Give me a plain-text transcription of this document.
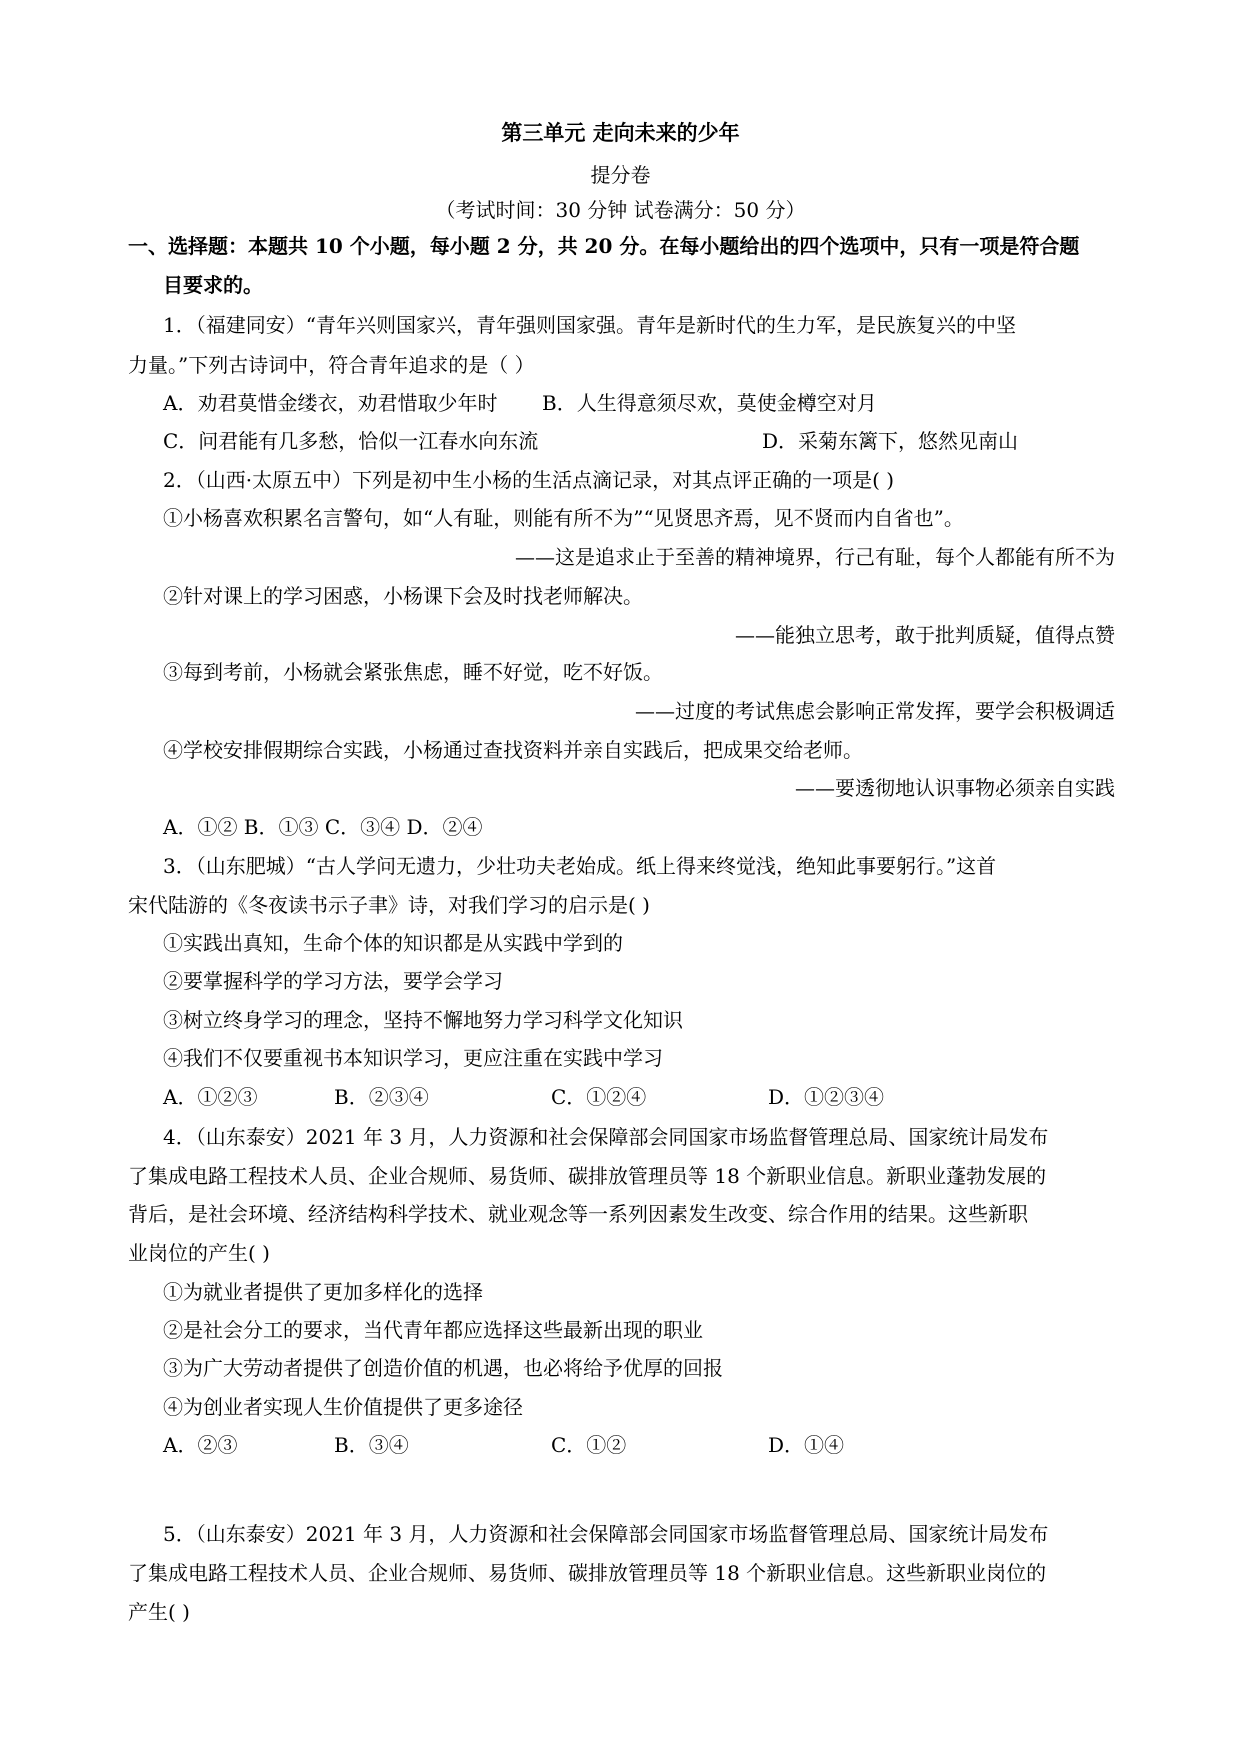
第三单元 走向未来的少年
提分卷
（考试时间：30 分钟 试卷满分：50 分）
一、选择题：本题共 10 个小题，每小题 2 分，共 20 分。在每小题给出的四个选项中，只有一项是符合题
目要求的。
1．（福建同安）“青年兴则国家兴，青年强则国家强。青年是新时代的生力军，是民族复兴的中坚
力量。”下列古诗词中，符合青年追求的是（ ）
A．劝君莫惜金缕衣，劝君惜取少年时 B．人生得意须尽欢，莫使金樽空对月
C．问君能有几多愁，恰似一江春水向东流	D．采菊东篱下，悠然见南山
2．（山西·太原五中）下列是初中生小杨的生活点滴记录，对其点评正确的一项是( )
①小杨喜欢积累名言警句，如“人有耻，则能有所不为”“见贤思齐焉，见不贤而内自省也”。
——这是追求止于至善的精神境界，行己有耻，每个人都能有所不为
②针对课上的学习困惑，小杨课下会及时找老师解决。
——能独立思考，敢于批判质疑，值得点赞
③每到考前，小杨就会紧张焦虑，睡不好觉，吃不好饭。
——过度的考试焦虑会影响正常发挥，要学会积极调适
④学校安排假期综合实践，小杨通过查找资料并亲自实践后，把成果交给老师。
——要透彻地认识事物必须亲自实践
A．①② B．①③ C．③④ D．②④
3．（山东肥城）“古人学问无遗力，少壮功夫老始成。纸上得来终觉浅，绝知此事要躬行。”这首
宋代陆游的《冬夜读书示子聿》诗，对我们学习的启示是( )
①实践出真知，生命个体的知识都是从实践中学到的
②要掌握科学的学习方法，要学会学习
③树立终身学习的理念，坚持不懈地努力学习科学文化知识
④我们不仅要重视书本知识学习，更应注重在实践中学习
A．①②③	B．②③④	C．①②④	D．①②③④
4．（山东泰安）2021 年 3 月，人力资源和社会保障部会同国家市场监督管理总局、国家统计局发布
了集成电路工程技术人员、企业合规师、易货师、碳排放管理员等 18 个新职业信息。新职业蓬勃发展的
背后，是社会环境、经济结构科学技术、就业观念等一系列因素发生改变、综合作用的结果。这些新职
业岗位的产生( )
①为就业者提供了更加多样化的选择
②是社会分工的要求，当代青年都应选择这些最新出现的职业
③为广大劳动者提供了创造价值的机遇，也必将给予优厚的回报
④为创业者实现人生价值提供了更多途径
A．②③	B．③④	C．①②	D．①④
5．（山东泰安）2021 年 3 月，人力资源和社会保障部会同国家市场监督管理总局、国家统计局发布
了集成电路工程技术人员、企业合规师、易货师、碳排放管理员等 18 个新职业信息。这些新职业岗位的
产生( )
